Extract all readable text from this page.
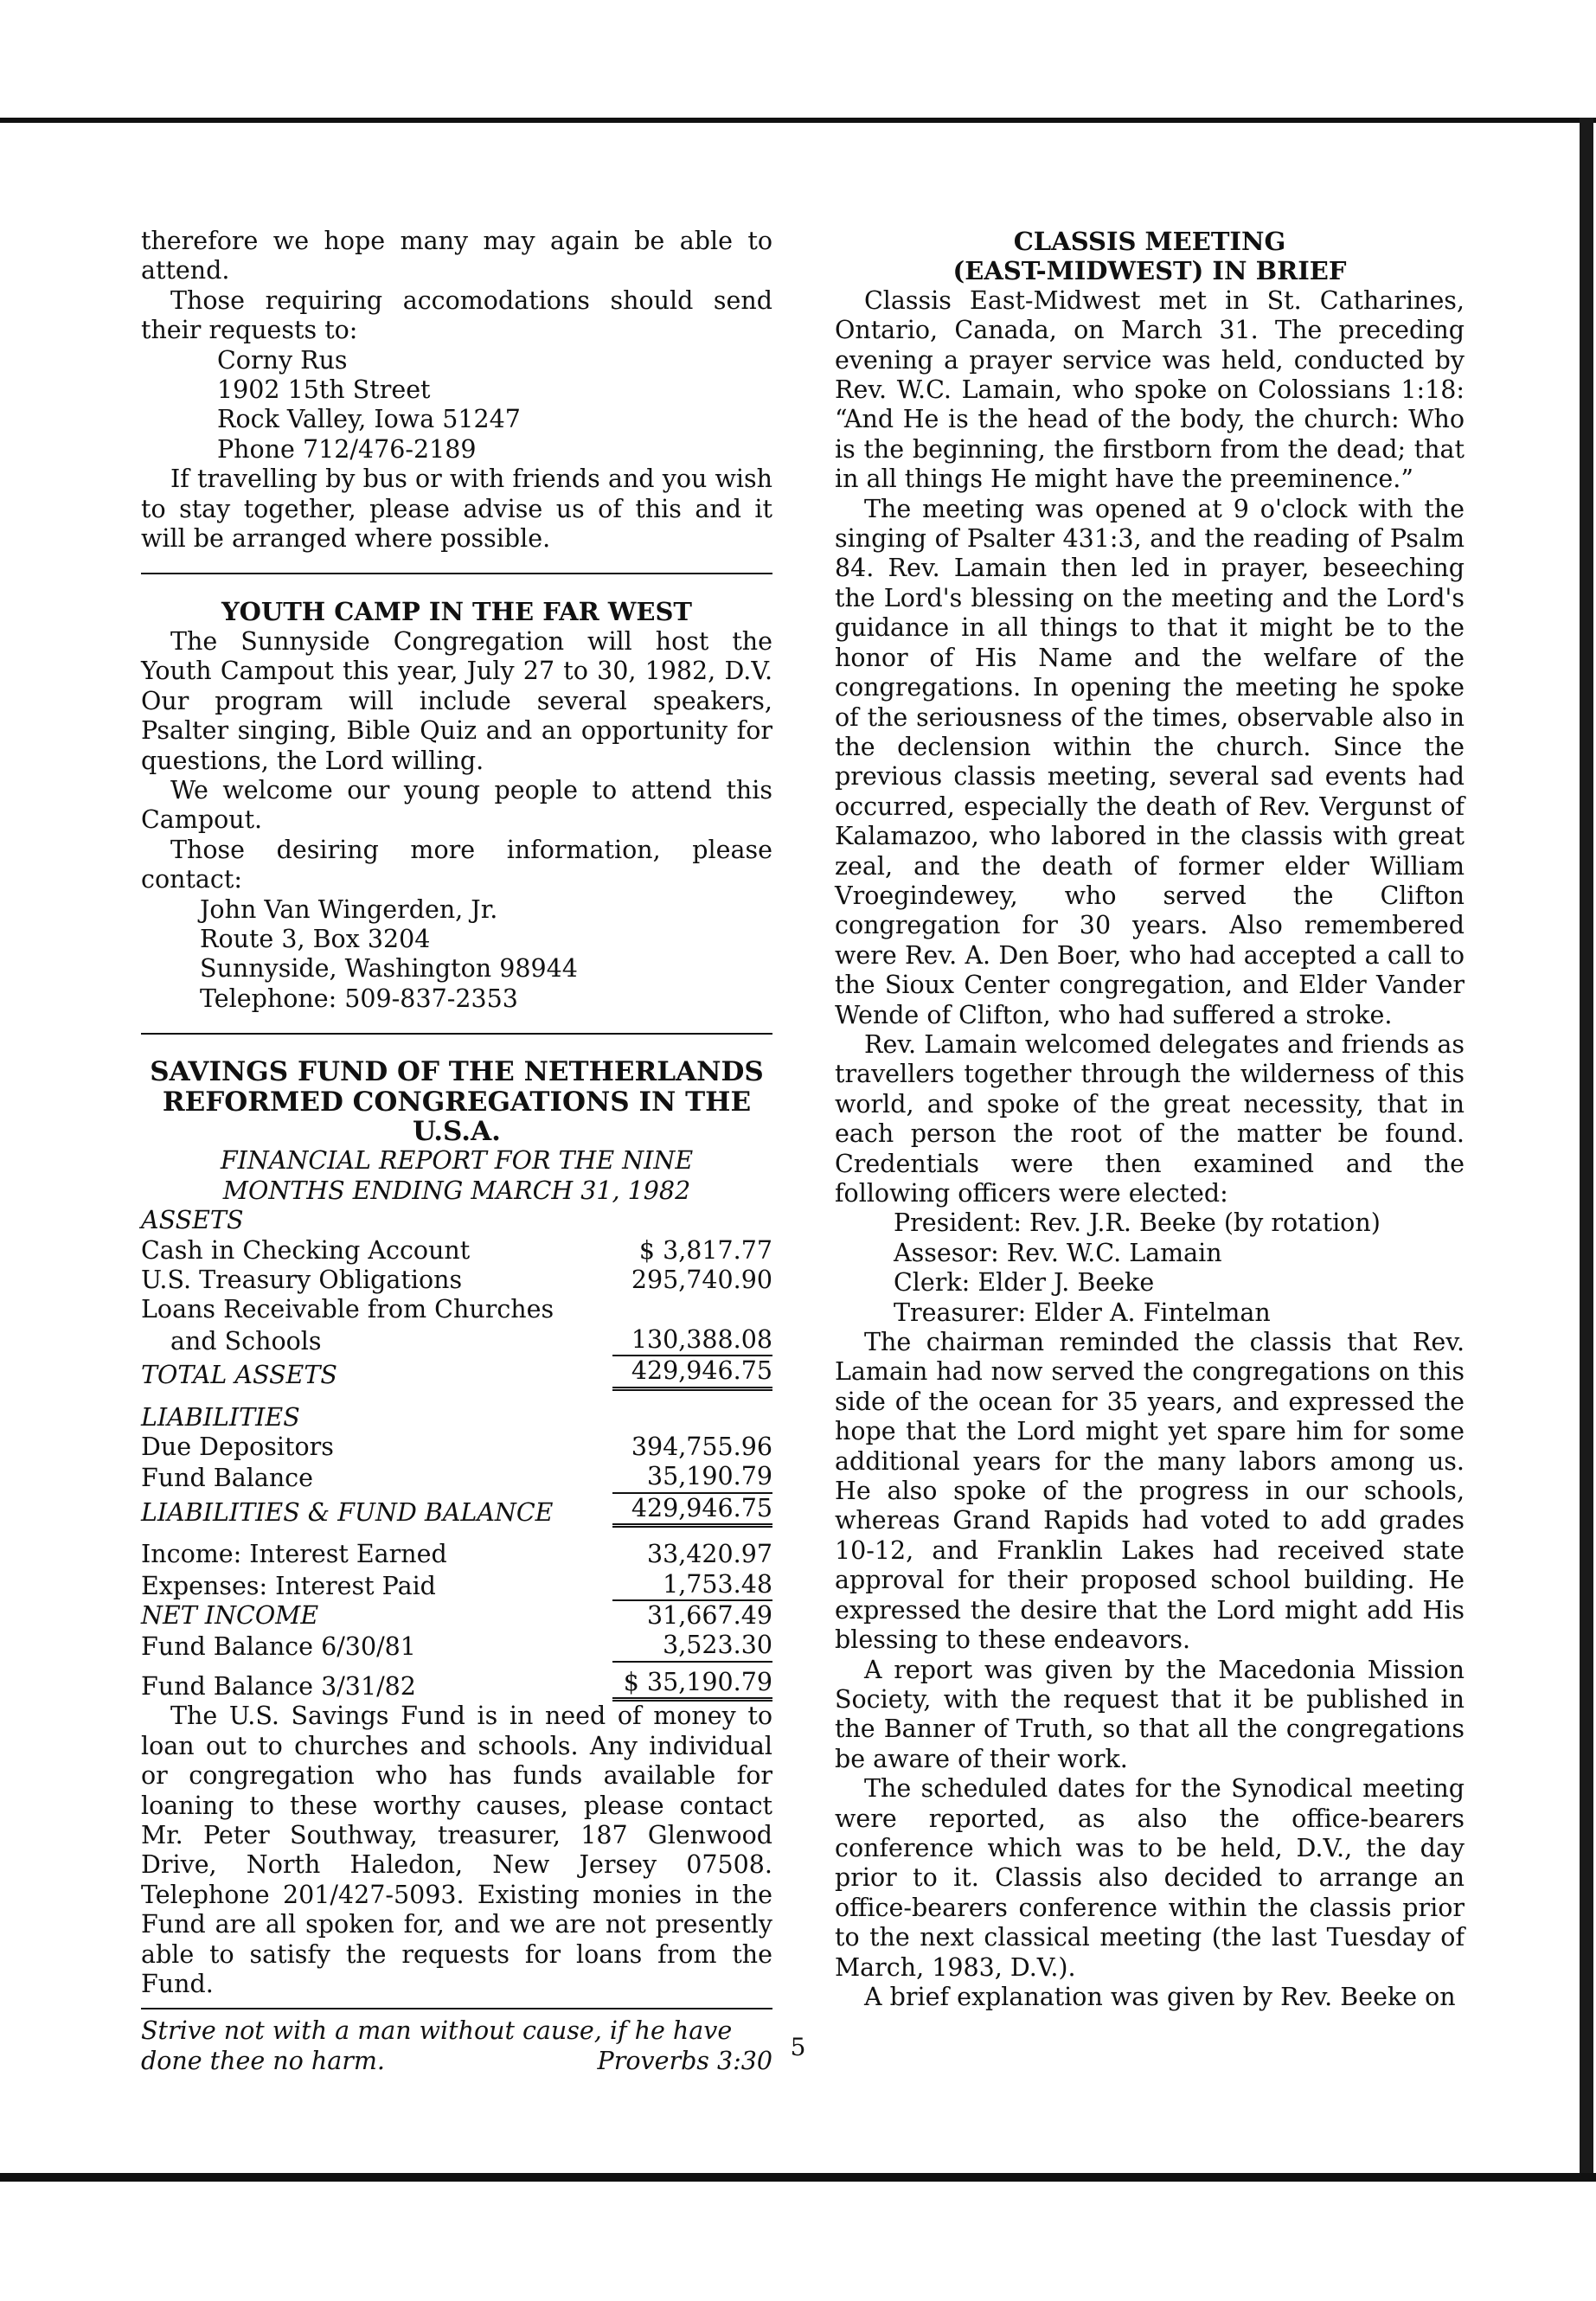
therefore we hope many may again be able to attend.

Those requiring accomodations should send their requests to:

Corny Rus
1902 15th Street
Rock Valley, Iowa 51247
Phone 712/476-2189

If travelling by bus or with friends and you wish to stay together, please advise us of this and it will be arranged where possible.

YOUTH CAMP IN THE FAR WEST

The Sunnyside Congregation will host the Youth Campout this year, July 27 to 30, 1982, D.V. Our program will include several speakers, Psalter singing, Bible Quiz and an opportunity for questions, the Lord willing.

We welcome our young people to attend this Campout.

Those desiring more information, please contact:

John Van Wingerden, Jr.
Route 3, Box 3204
Sunnyside, Washington 98944
Telephone: 509-837-2353
SAVINGS FUND OF THE NETHERLANDS
REFORMED CONGREGATIONS IN THE U.S.A.
FINANCIAL REPORT FOR THE NINE
MONTHS ENDING MARCH 31, 1982
ASSETS
Cash in Checking Account	$ 3,817.77
U.S. Treasury Obligations	295,740.90
Loans Receivable from Churches
and Schools	130,388.08
TOTAL ASSETS	429,946.75
LIABILITIES
Due Depositors	394,755.96
Fund Balance	35,190.79
LIABILITIES & FUND BALANCE	429,946.75
Income: Interest Earned	33,420.97
Expenses: Interest Paid	1,753.48
NET INCOME	31,667.49
Fund Balance 6/30/81	3,523.30
Fund Balance 3/31/82	$ 35,190.79

The U.S. Savings Fund is in need of money to loan out to churches and schools. Any individual or congregation who has funds available for loaning to these worthy causes, please contact Mr. Peter Southway, treasurer, 187 Glenwood Drive, North Haledon, New Jersey 07508. Telephone 201/427-5093. Existing monies in the Fund are all spoken for, and we are not presently able to satisfy the requests for loans from the Fund.

Strive not with a man without cause, if he have
done thee no harm.	Proverbs 3:30
CLASSIS MEETING
(EAST-MIDWEST) IN BRIEF

Classis East-Midwest met in St. Catharines, Ontario, Canada, on March 31. The preceding evening a prayer service was held, conducted by Rev. W.C. Lamain, who spoke on Colossians 1:18: “And He is the head of the body, the church: Who is the beginning, the firstborn from the dead; that in all things He might have the preeminence.”

The meeting was opened at 9 o'clock with the singing of Psalter 431:3, and the reading of Psalm 84. Rev. Lamain then led in prayer, beseeching the Lord's blessing on the meeting and the Lord's guidance in all things to that it might be to the honor of His Name and the welfare of the congregations. In opening the meeting he spoke of the seriousness of the times, observable also in the declension within the church. Since the previous classis meeting, several sad events had occurred, especially the death of Rev. Vergunst of Kalamazoo, who labored in the classis with great zeal, and the death of former elder William Vroegindewey, who served the Clifton congregation for 30 years. Also remembered were Rev. A. Den Boer, who had accepted a call to the Sioux Center congregation, and Elder Vander Wende of Clifton, who had suffered a stroke.

Rev. Lamain welcomed delegates and friends as travellers together through the wilderness of this world, and spoke of the great necessity, that in each person the root of the matter be found. Credentials were then examined and the following officers were elected:

President: Rev. J.R. Beeke (by rotation)
Assesor: Rev. W.C. Lamain
Clerk: Elder J. Beeke
Treasurer: Elder A. Fintelman

The chairman reminded the classis that Rev. Lamain had now served the congregations on this side of the ocean for 35 years, and expressed the hope that the Lord might yet spare him for some additional years for the many labors among us. He also spoke of the progress in our schools, whereas Grand Rapids had voted to add grades 10-12, and Franklin Lakes had received state approval for their proposed school building. He expressed the desire that the Lord might add His blessing to these endeavors.

A report was given by the Macedonia Mission Society, with the request that it be published in the Banner of Truth, so that all the congregations be aware of their work.

The scheduled dates for the Synodical meeting were reported, as also the office-bearers conference which was to be held, D.V., the day prior to it. Classis also decided to arrange an office-bearers conference within the classis prior to the next classical meeting (the last Tuesday of March, 1983, D.V.).

A brief explanation was given by Rev. Beeke on

5
